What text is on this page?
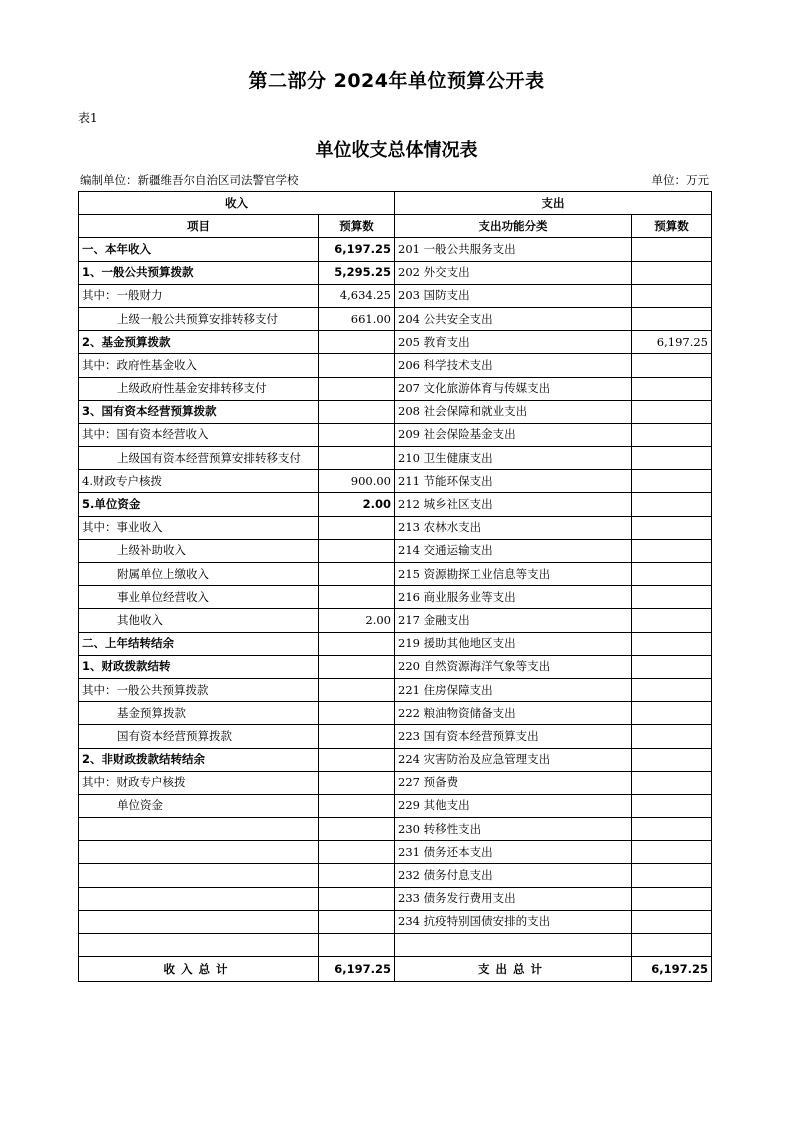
第二部分 2024年单位预算公开表
表1
单位收支总体情况表
编制单位：新疆维吾尔自治区司法警官学校	单位：万元
收入		支出	
项目	预算数	支出功能分类	预算数
一、本年收入	6,197.25	201 一般公共服务支出	
1、一般公共预算拨款	5,295.25	202 外交支出	
其中：一般财力	4,634.25	203 国防支出	
上级一般公共预算安排转移支付	661.00	204 公共安全支出	
2、基金预算拨款		205 教育支出	6,197.25
其中：政府性基金收入		206 科学技术支出	
上级政府性基金安排转移支付		207 文化旅游体育与传媒支出	
3、国有资本经营预算拨款		208 社会保障和就业支出	
其中：国有资本经营收入		209 社会保险基金支出	
上级国有资本经营预算安排转移支付		210 卫生健康支出	
4.财政专户核拨	900.00	211 节能环保支出	
5.单位资金	2.00	212 城乡社区支出	
其中：事业收入		213 农林水支出	
上级补助收入		214 交通运输支出	
附属单位上缴收入		215 资源勘探工业信息等支出	
事业单位经营收入		216 商业服务业等支出	
其他收入	2.00	217 金融支出	
二、上年结转结余		219 援助其他地区支出	
1、财政拨款结转		220 自然资源海洋气象等支出	
其中：一般公共预算拨款		221 住房保障支出	
基金预算拨款		222 粮油物资储备支出	
国有资本经营预算拨款		223 国有资本经营预算支出	
2、非财政拨款结转结余		224 灾害防治及应急管理支出	
其中：财政专户核拨		227 预备费	
单位资金		229 其他支出	
		230 转移性支出	
		231 债务还本支出	
		232 债务付息支出	
		233 债务发行费用支出	
		234 抗疫特别国债安排的支出	

收入总计	6,197.25	支出总计	6,197.25
